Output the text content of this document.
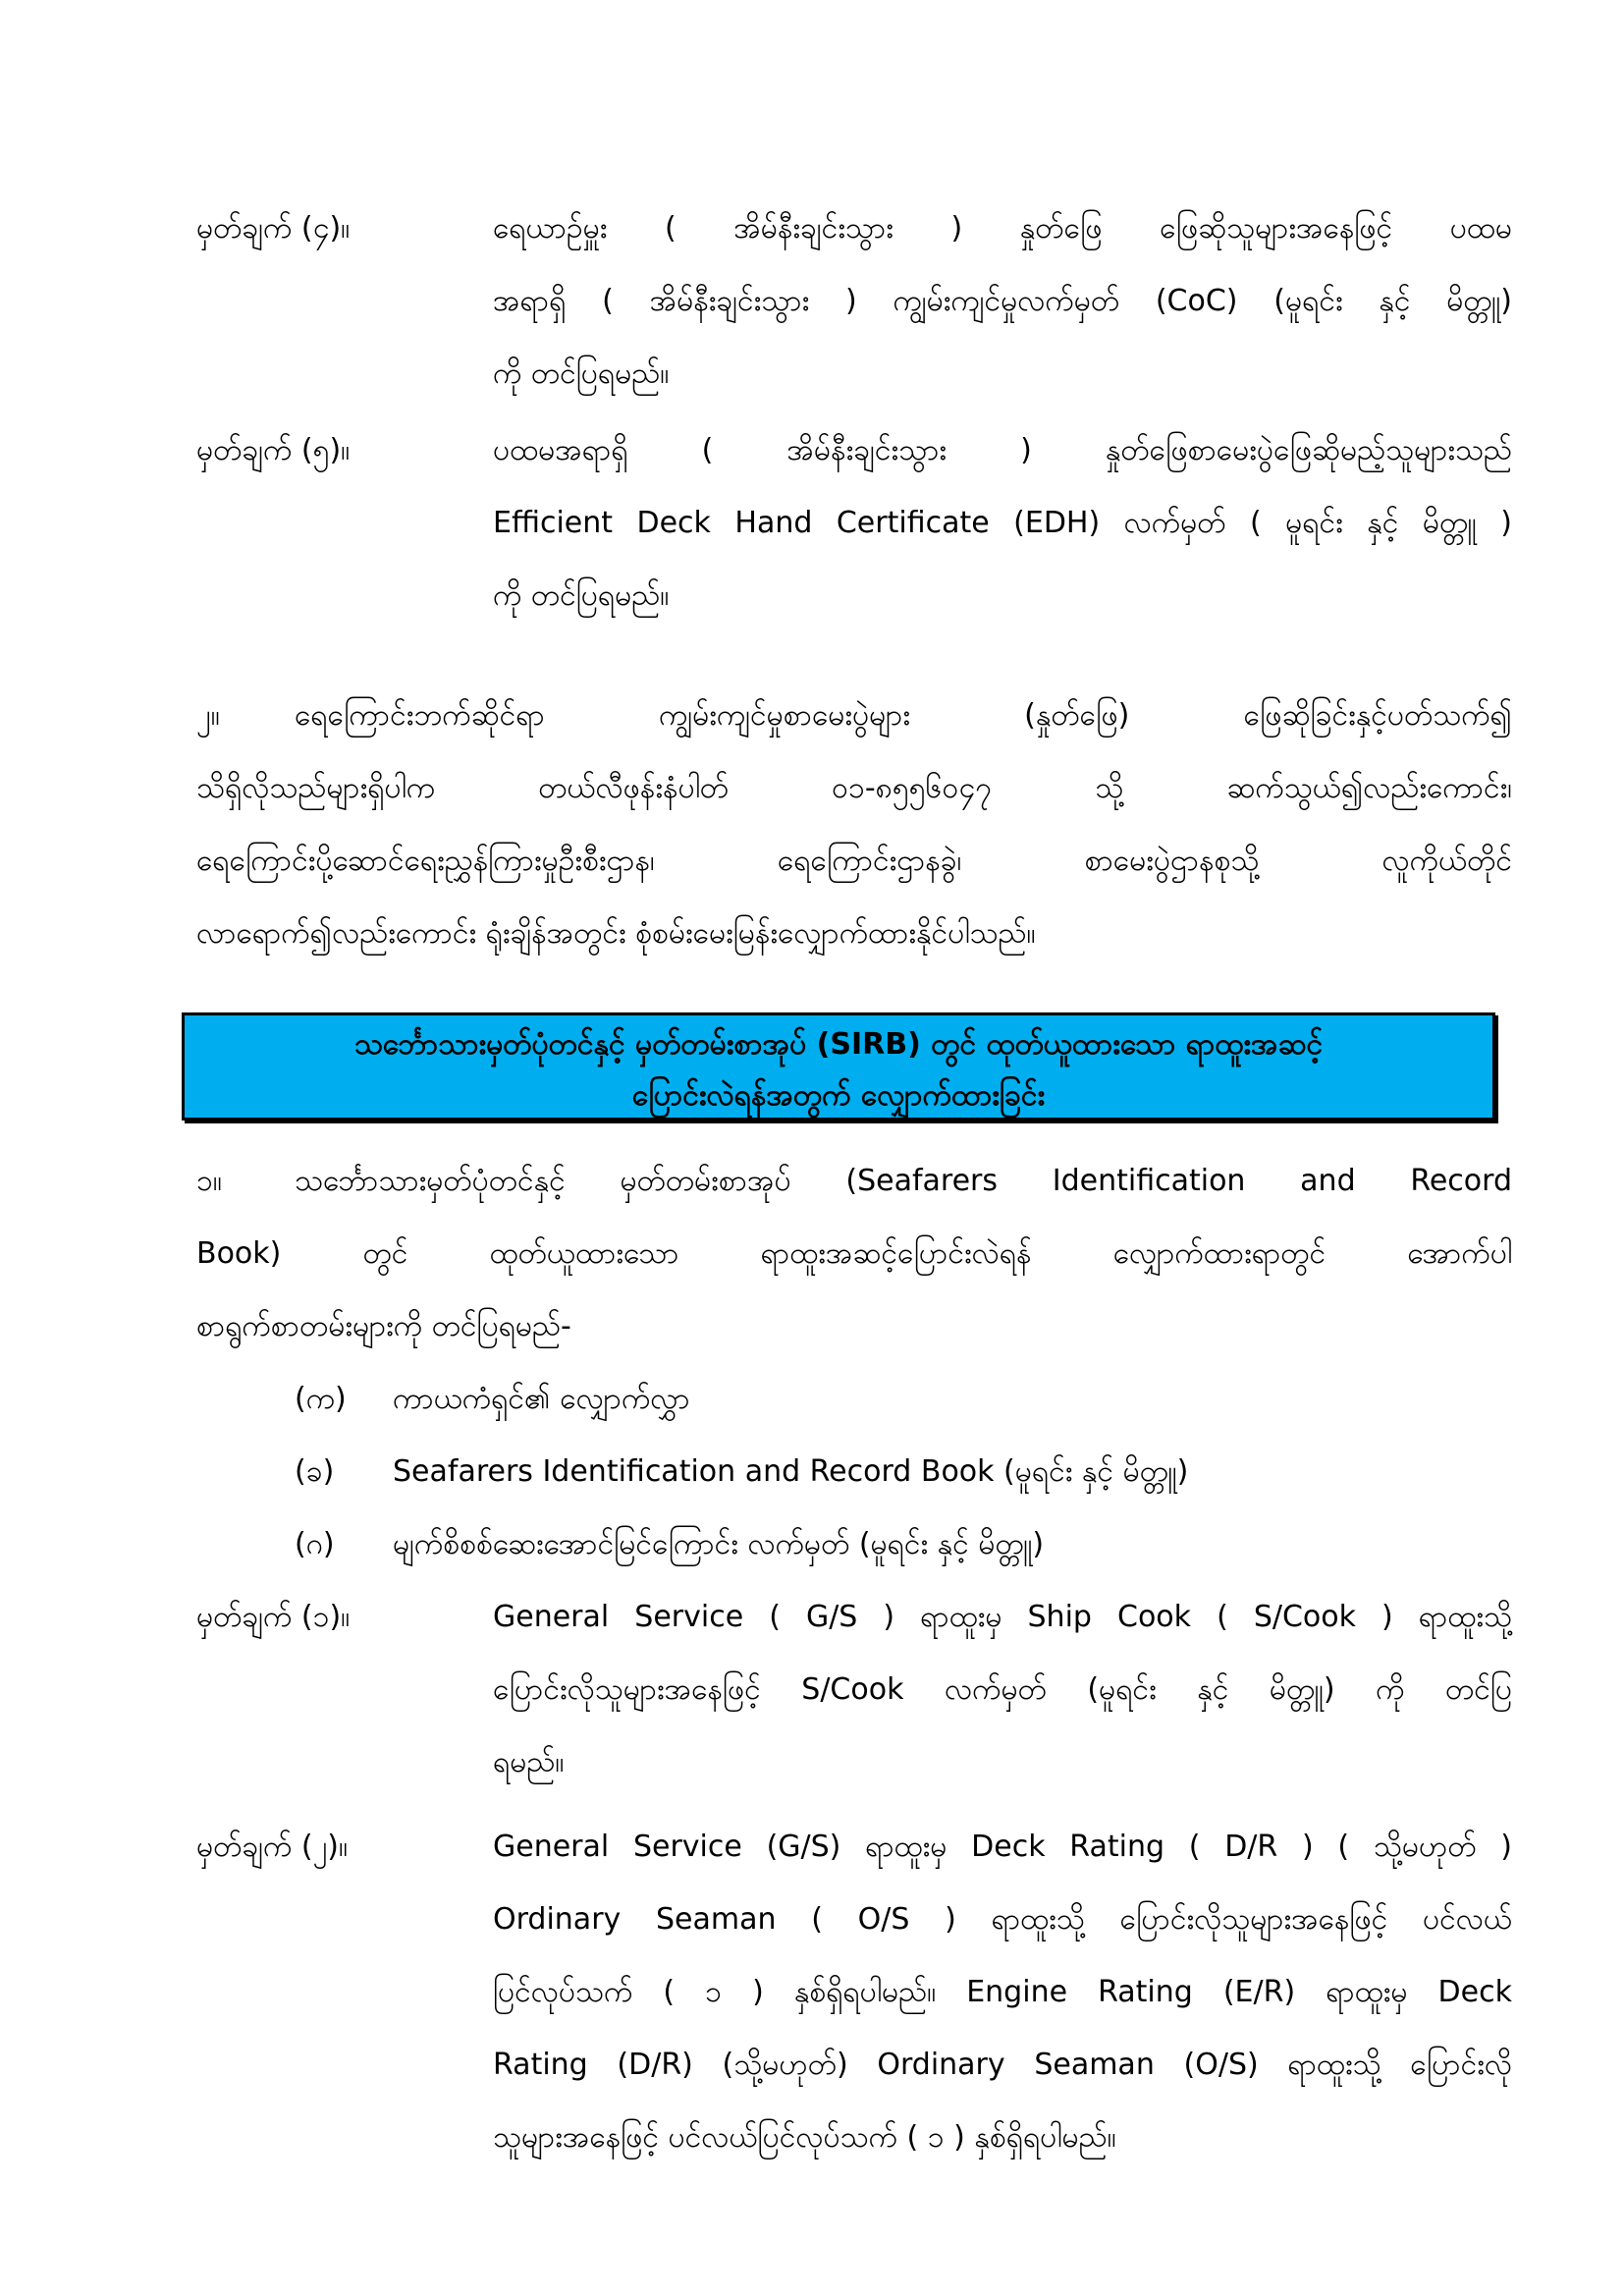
မှတ်ချက် (၄)။	ရေယာဉ်မှူး ( အိမ်နီးချင်းသွား ) နှုတ်ဖြေ ဖြေဆိုသူများအနေဖြင့် ပထမ
အရာရှိ ( အိမ်နီးချင်းသွား ) ကျွမ်းကျင်မှုလက်မှတ် (CoC) (မူရင်း နှင့် မိတ္တူ)
ကို တင်ပြရမည်။
မှတ်ချက် (၅)။	ပထမအရာရှိ ( အိမ်နီးချင်းသွား ) နှုတ်ဖြေစာမေးပွဲဖြေဆိုမည့်သူများသည်
Efficient Deck Hand Certificate (EDH) လက်မှတ် ( မူရင်း နှင့် မိတ္တူ )
ကို တင်ပြရမည်။
၂။	ရေကြောင်းဘက်ဆိုင်ရာ ကျွမ်းကျင်မှုစာမေးပွဲများ (နှုတ်ဖြေ) ဖြေဆိုခြင်းနှင့်ပတ်သက်၍
သိရှိလိုသည်များရှိပါက တယ်လီဖုန်းနံပါတ် ၀၁-၈၅၅၆၀၄၇ သို့ ဆက်သွယ်၍လည်းကောင်း၊
ရေကြောင်းပို့ဆောင်ရေးညွှန်ကြားမှုဦးစီးဌာန၊ ရေကြောင်းဌာနခွဲ၊ စာမေးပွဲဌာနစုသို့ လူကိုယ်တိုင်
လာရောက်၍လည်းကောင်း ရုံးချိန်အတွင်း စုံစမ်းမေးမြန်းလျှောက်ထားနိုင်ပါသည်။
သင်္ဘောသားမှတ်ပုံတင်နှင့် မှတ်တမ်းစာအုပ် (SIRB) တွင် ထုတ်ယူထားသော ရာထူးအဆင့်
ပြောင်းလဲရန်အတွက် လျှောက်ထားခြင်း
၁။ သင်္ဘောသားမှတ်ပုံတင်နှင့် မှတ်တမ်းစာအုပ် (Seafarers Identification and Record
Book) တွင် ထုတ်ယူထားသော ရာထူးအဆင့်ပြောင်းလဲရန် လျှောက်ထားရာတွင် အောက်ပါ
စာရွက်စာတမ်းများကို တင်ပြရမည်-
(က) ကာယကံရှင်၏ လျှောက်လွှာ
(ခ) Seafarers Identification and Record Book (မူရင်း နှင့် မိတ္တူ)
(ဂ) မျက်စိစစ်ဆေးအောင်မြင်ကြောင်း လက်မှတ် (မူရင်း နှင့် မိတ္တူ)
မှတ်ချက် (၁)။	General Service ( G/S ) ရာထူးမှ Ship Cook ( S/Cook ) ရာထူးသို့
ပြောင်းလိုသူများအနေဖြင့် S/Cook လက်မှတ် (မူရင်း နှင့် မိတ္တူ) ကို တင်ပြ
ရမည်။
မှတ်ချက် (၂)။	General Service (G/S) ရာထူးမှ Deck Rating ( D/R ) ( သို့မဟုတ် )
Ordinary Seaman ( O/S ) ရာထူးသို့ ပြောင်းလိုသူများအနေဖြင့် ပင်လယ်
ပြင်လုပ်သက် ( ၁ ) နှစ်ရှိရပါမည်။ Engine Rating (E/R) ရာထူးမှ Deck
Rating (D/R) (သို့မဟုတ်) Ordinary Seaman (O/S) ရာထူးသို့ ပြောင်းလို
သူများအနေဖြင့် ပင်လယ်ပြင်လုပ်သက် ( ၁ ) နှစ်ရှိရပါမည်။
